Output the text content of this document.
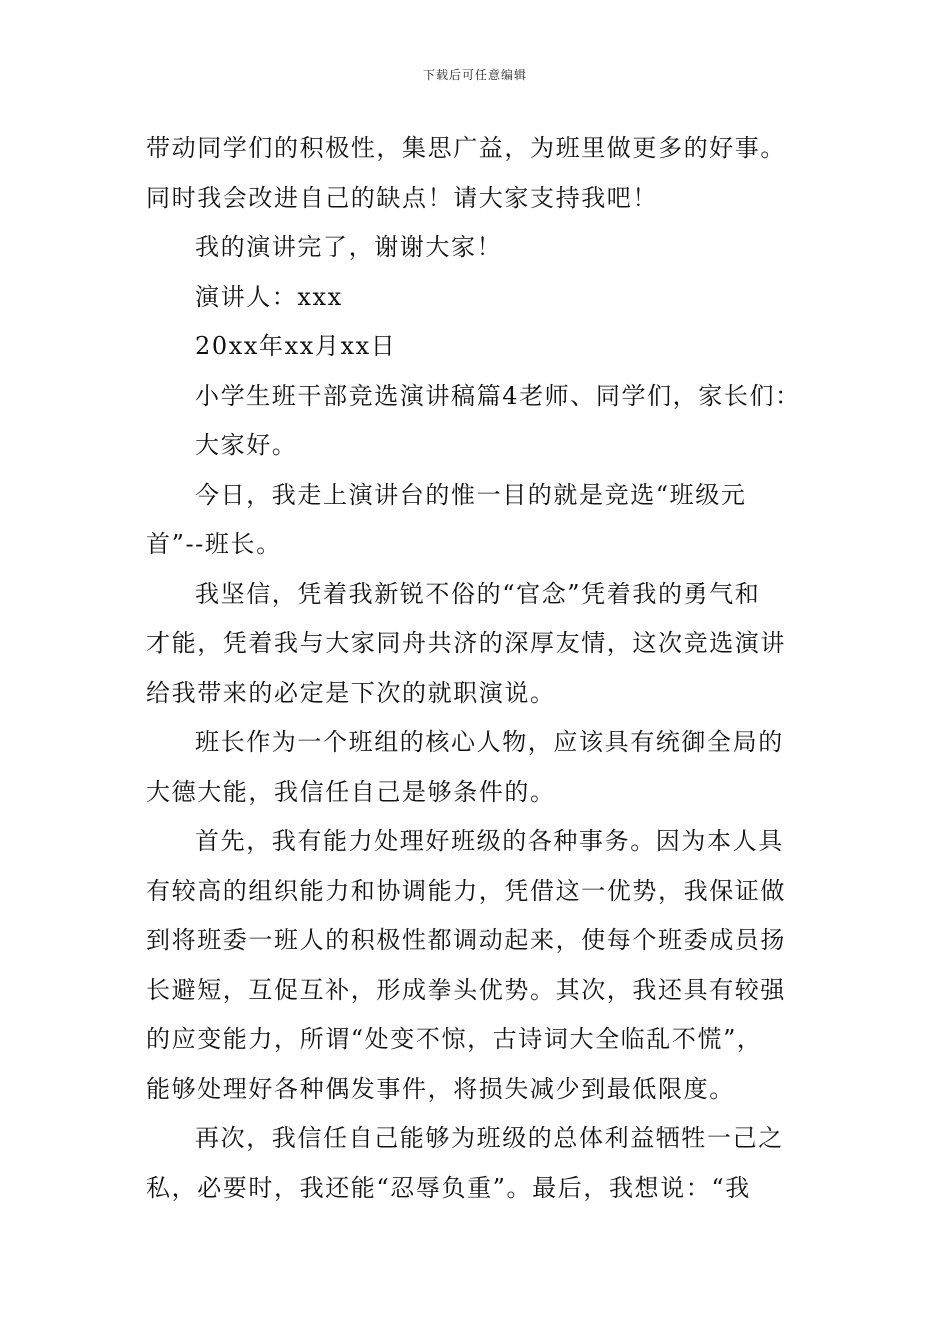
下载后可任意编辑
带动同学们的积极性，集思广益，为班里做更多的好事。
同时我会改进自己的缺点！请大家支持我吧！
我的演讲完了，谢谢大家！
演讲人：xxx
20xx年xx月xx日
小学生班干部竞选演讲稿篇4老师、同学们，家长们：
大家好。
今日，我走上演讲台的惟一目的就是竞选“班级元
首”--班长。
我坚信，凭着我新锐不俗的“官念”凭着我的勇气和
才能，凭着我与大家同舟共济的深厚友情，这次竞选演讲
给我带来的必定是下次的就职演说。
班长作为一个班组的核心人物，应该具有统御全局的
大德大能，我信任自己是够条件的。
首先，我有能力处理好班级的各种事务。因为本人具
有较高的组织能力和协调能力，凭借这一优势，我保证做
到将班委一班人的积极性都调动起来，使每个班委成员扬
长避短，互促互补，形成拳头优势。其次，我还具有较强
的应变能力，所谓“处变不惊，古诗词大全临乱不慌”，
能够处理好各种偶发事件，将损失减少到最低限度。
再次，我信任自己能够为班级的总体利益牺牲一己之
私，必要时，我还能“忍辱负重”。最后，我想说：“我
